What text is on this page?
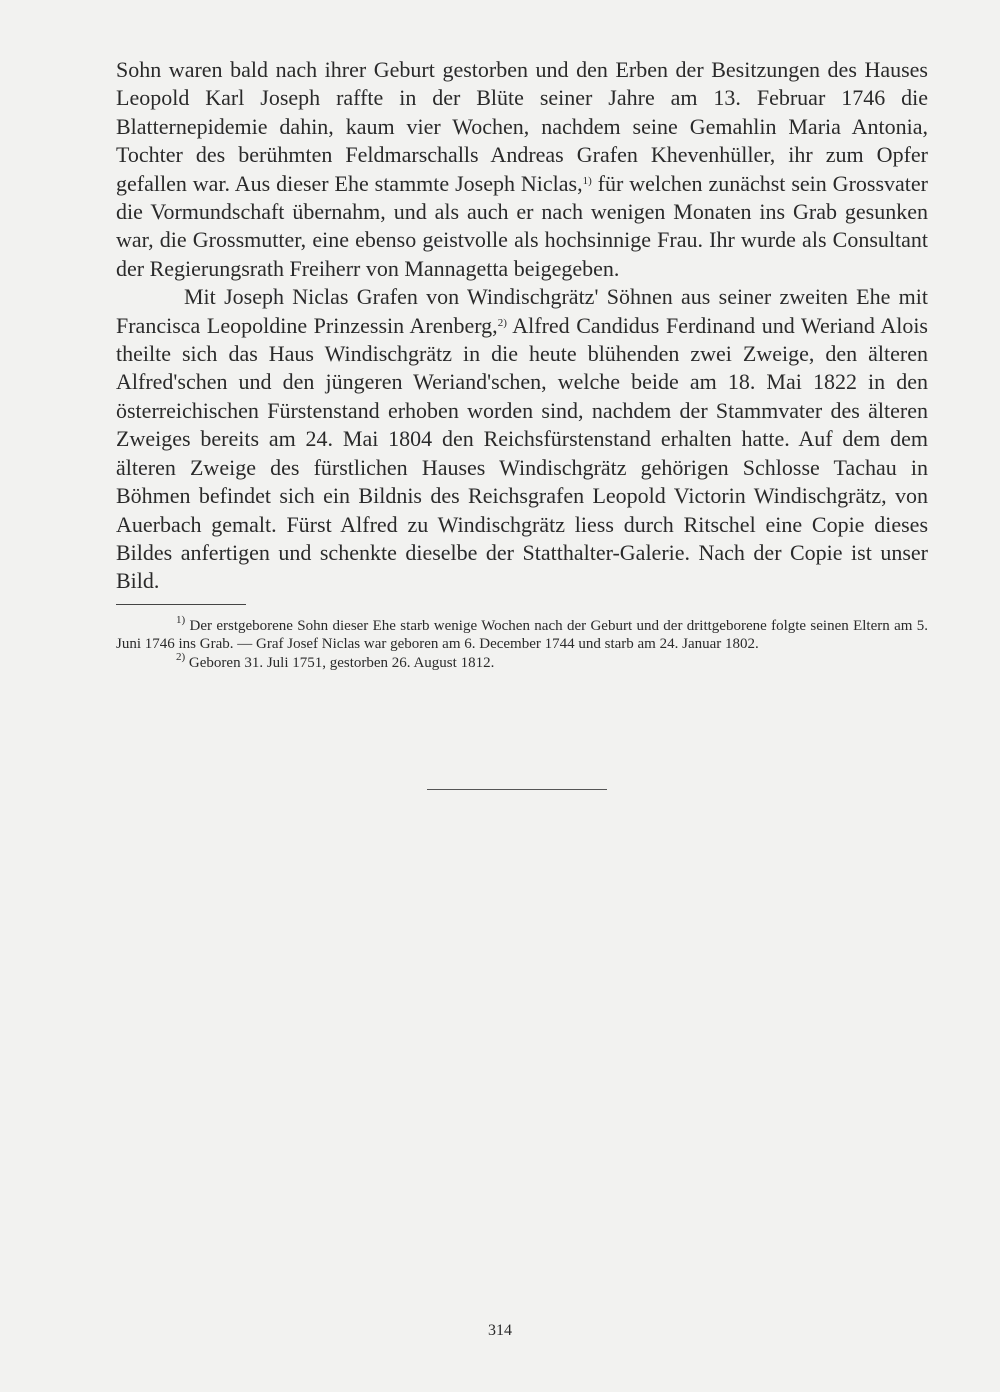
Sohn waren bald nach ihrer Geburt gestorben und den Erben der Besitzungen des Hauses Leopold Karl Joseph raffte in der Blüte seiner Jahre am 13. Februar 1746 die Blatternepidemie dahin, kaum vier Wochen, nachdem seine Gemahlin Maria Antonia, Tochter des berühmten Feldmarschalls Andreas Grafen Khevenhüller, ihr zum Opfer gefallen war. Aus dieser Ehe stammte Joseph Niclas,$^{1)}$ für welchen zunächst sein Grossvater die Vormundschaft übernahm, und als auch er nach wenigen Monaten ins Grab gesunken war, die Grossmutter, eine ebenso geistvolle als hochsinnige Frau. Ihr wurde als Consultant der Regierungsrath Freiherr von Mannagetta beigegeben.

Mit Joseph Niclas Grafen von Windischgrätz' Söhnen aus seiner zweiten Ehe mit Francisca Leopoldine Prinzessin Arenberg,$^{2)}$ Alfred Candidus Ferdinand und Weriand Alois theilte sich das Haus Windischgrätz in die heute blühenden zwei Zweige, den älteren Alfred'schen und den jüngeren Weriand'schen, welche beide am 18. Mai 1822 in den österreichischen Fürstenstand erhoben worden sind, nachdem der Stammvater des älteren Zweiges bereits am 24. Mai 1804 den Reichsfürstenstand erhalten hatte. Auf dem dem älteren Zweige des fürstlichen Hauses Windischgrätz gehörigen Schlosse Tachau in Böhmen befindet sich ein Bildnis des Reichsgrafen Leopold Victorin Windischgrätz, von Auerbach gemalt. Fürst Alfred zu Windischgrätz liess durch Ritschel eine Copie dieses Bildes anfertigen und schenkte dieselbe der Statthalter-Galerie. Nach der Copie ist unser Bild.

$^{1)}$ Der erstgeborene Sohn dieser Ehe starb wenige Wochen nach der Geburt und der drittgeborene folgte seinen Eltern am 5. Juni 1746 ins Grab. — Graf Josef Niclas war geboren am 6. December 1744 und starb am 24. Januar 1802.

$^{2)}$ Geboren 31. Juli 1751, gestorben 26. August 1812.

314
